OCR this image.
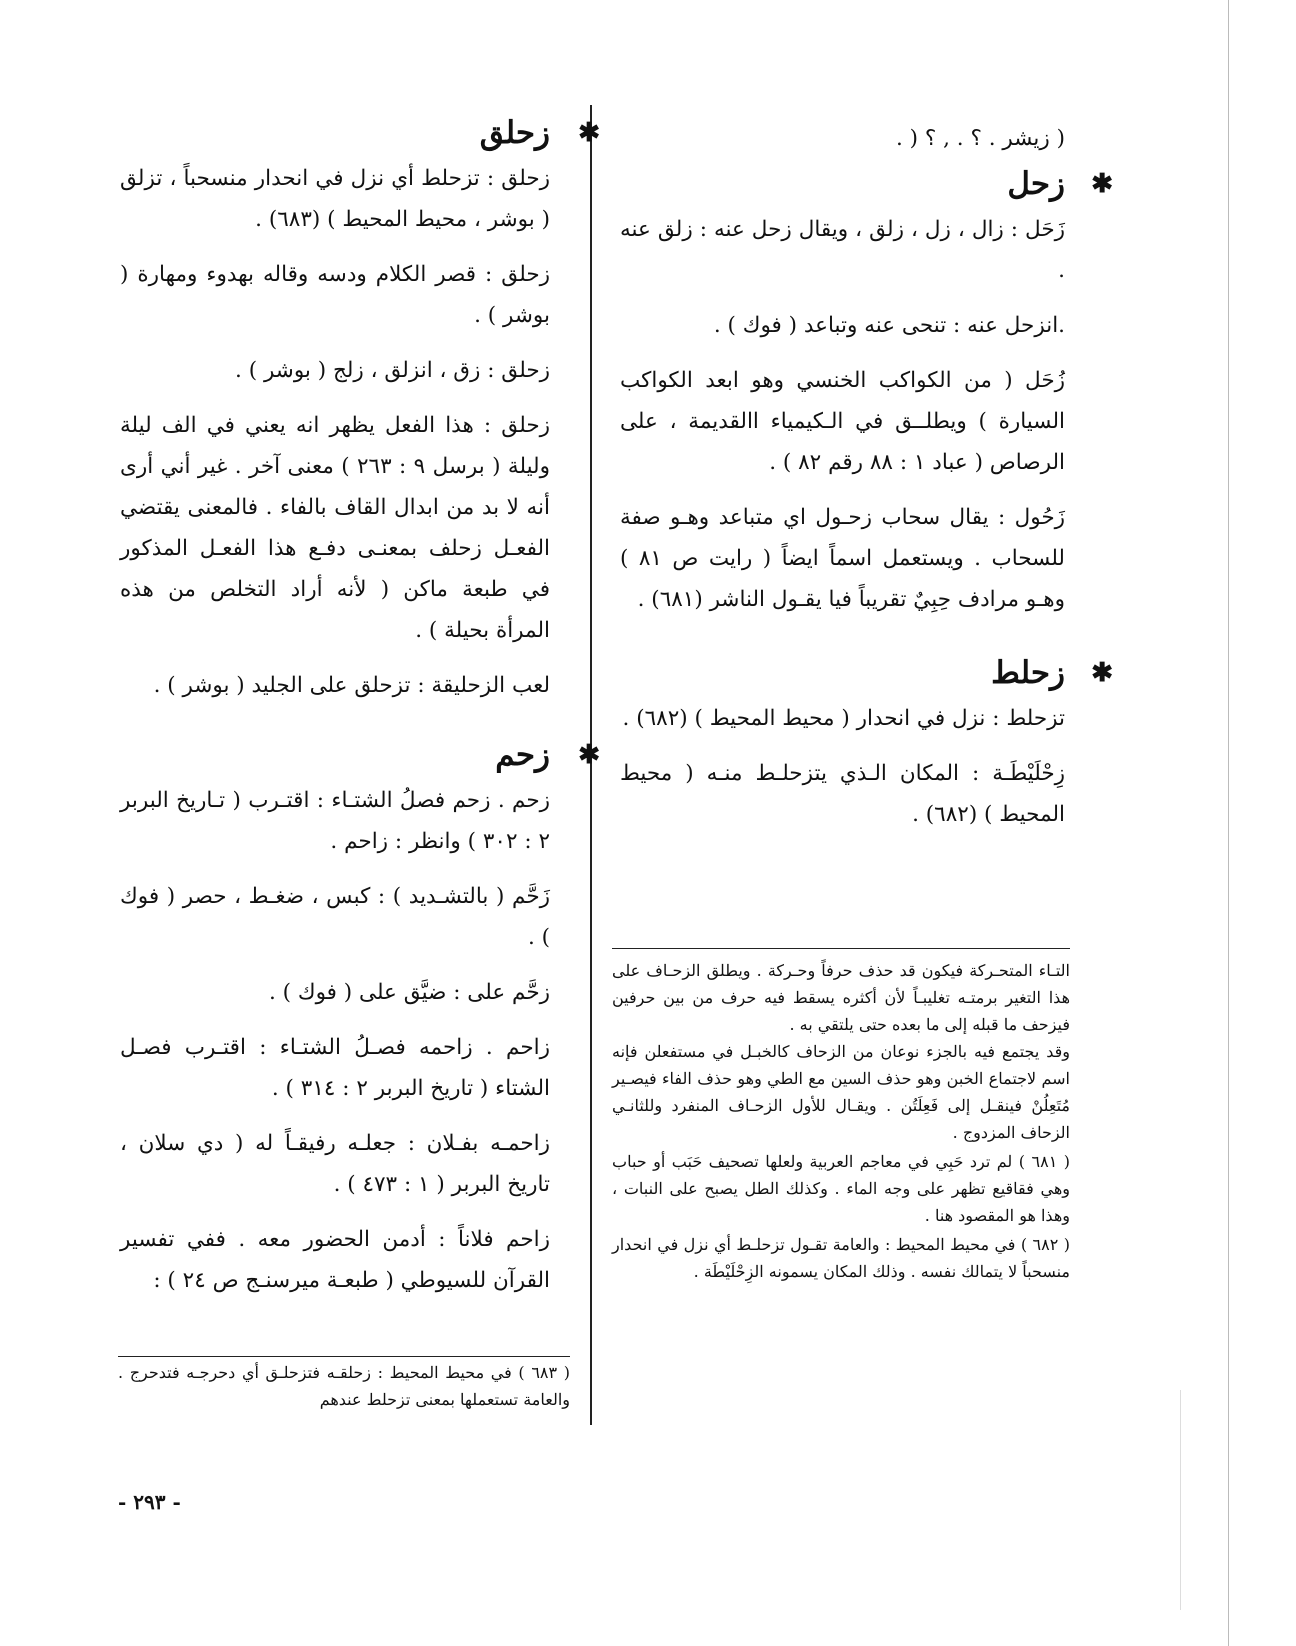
( زيشر . ؟ . , ؟ ( .
✱
زحل
زَحَل : زال ، زل ، زلق ، ويقال زحل عنه : زلق عنه .
.انزحل عنه : تنحى عنه وتباعد ( فوك ) .
زُحَل ( من الكواكب الخنسي وهو ابعد الكواكب السيارة ) ويطلــق في الـكيمياء االقديمة ، على الرصاص ( عباد ١ : ٨٨ رقم ٨٢ ) .
زَحُول : يقال سحاب زحـول اي متباعد وهـو صفة للسحاب . ويستعمل اسماً ايضاً ( رايت ص ٨١ ) وهـو مرادف حِبِيٌ تقريباً فيا يقـول الناشر (٦٨١) .
✱
زحلط
تزحلط : نزل في انحدار ( محيط المحيط ) (٦٨٢) .
زِحْلَيْطَـة : المكان الـذي يتزحلـط منـه ( محيط المحيط ) (٦٨٢) .

التـاء المتحـركة فيكون قد حذف حرفاً وحـركة . ويطلق الزحـاف على هذا التغير برمتـه تغليبـاً لأن أكثره يسقط فيه حرف من بين حرفين فيزحف ما قبله إلى ما بعده حتى يلتقي به .

وقد يجتمع فيه بالجزء نوعان من الزحاف كالخبـل في مستفعلن فإنه اسم لاجتماع الخبن وهو حذف السين مع الطي وهو حذف الفاء فيصـير مُتَعِلُنْ فينقـل إلى فَعِلَتُن . ويقـال للأول الزحـاف المنفرد وللثانـي الزحاف المزدوج .

( ٦٨١ ) لم ترد حَبِي في معاجم العربية ولعلها تصحيف حَبَب أو حباب وهي فقاقيع تظهر على وجه الماء . وكذلك الطل يصبح على النبات ، وهذا هو المقصود هنا .

( ٦٨٢ ) في محيط المحيط : والعامة تقـول تزحلـط أي نزل في انحدار منسحباً لا يتمالك نفسه . وذلك المكان يسمونه الزِحْلَيْطَة .

✱
زحلق
زحلق : تزحلط أي نزل في انحدار منسحباً ، تزلق ( بوشر ، محيط المحيط ) (٦٨٣) .
زحلق : قصر الكلام ودسه وقاله بهدوء ومهارة ( بوشر ) .
زحلق : زق ، انزلق ، زلج ( بوشر ) .
زحلق : هذا الفعل يظهر انه يعني في الف ليلة وليلة ( برسل ٩ : ٢٦٣ ) معنى آخر . غير أني أرى أنه لا بد من ابدال القاف بالفاء . فالمعنى يقتضي الفعـل زحلف بمعنـى دفـع هذا الفعـل المذكور في طبعة ماكن ( لأنه أراد التخلص من هذه المرأة بحيلة ) .
لعب الزحليقة : تزحلق على الجليد ( بوشر ) .
✱
زحم
زحم . زحم فصلُ الشتـاء : اقتـرب ( تـاريخ البربر ٢ : ٣٠٢ ) وانظر : زاحم .
زَحَّم ( بالتشـديد ) : كبس ، ضغـط ، حصر ( فوك ) .
زحَّم على : ضيَّق على ( فوك ) .
زاحم . زاحمه فصـلُ الشتـاء : اقتـرب فصـل الشتاء ( تاريخ البربر ٢ : ٣١٤ ) .
زاحمـه بفـلان : جعلـه رفيقـاً له ( دي سلان ، تاريخ البربر ( ١ : ٤٧٣ ) .
زاحم فلاناً : أدمن الحضور معه . ففي تفسير القرآن للسيوطي ( طبعـة ميرسنـج ص ٢٤ ) :

( ٦٨٣ ) في محيط المحيط : زحلقـه فتزحلـق أي دحرجـه فتدحرج . والعامة تستعملها بمعنى تزحلط عندهم

- ٢٩٣ -
